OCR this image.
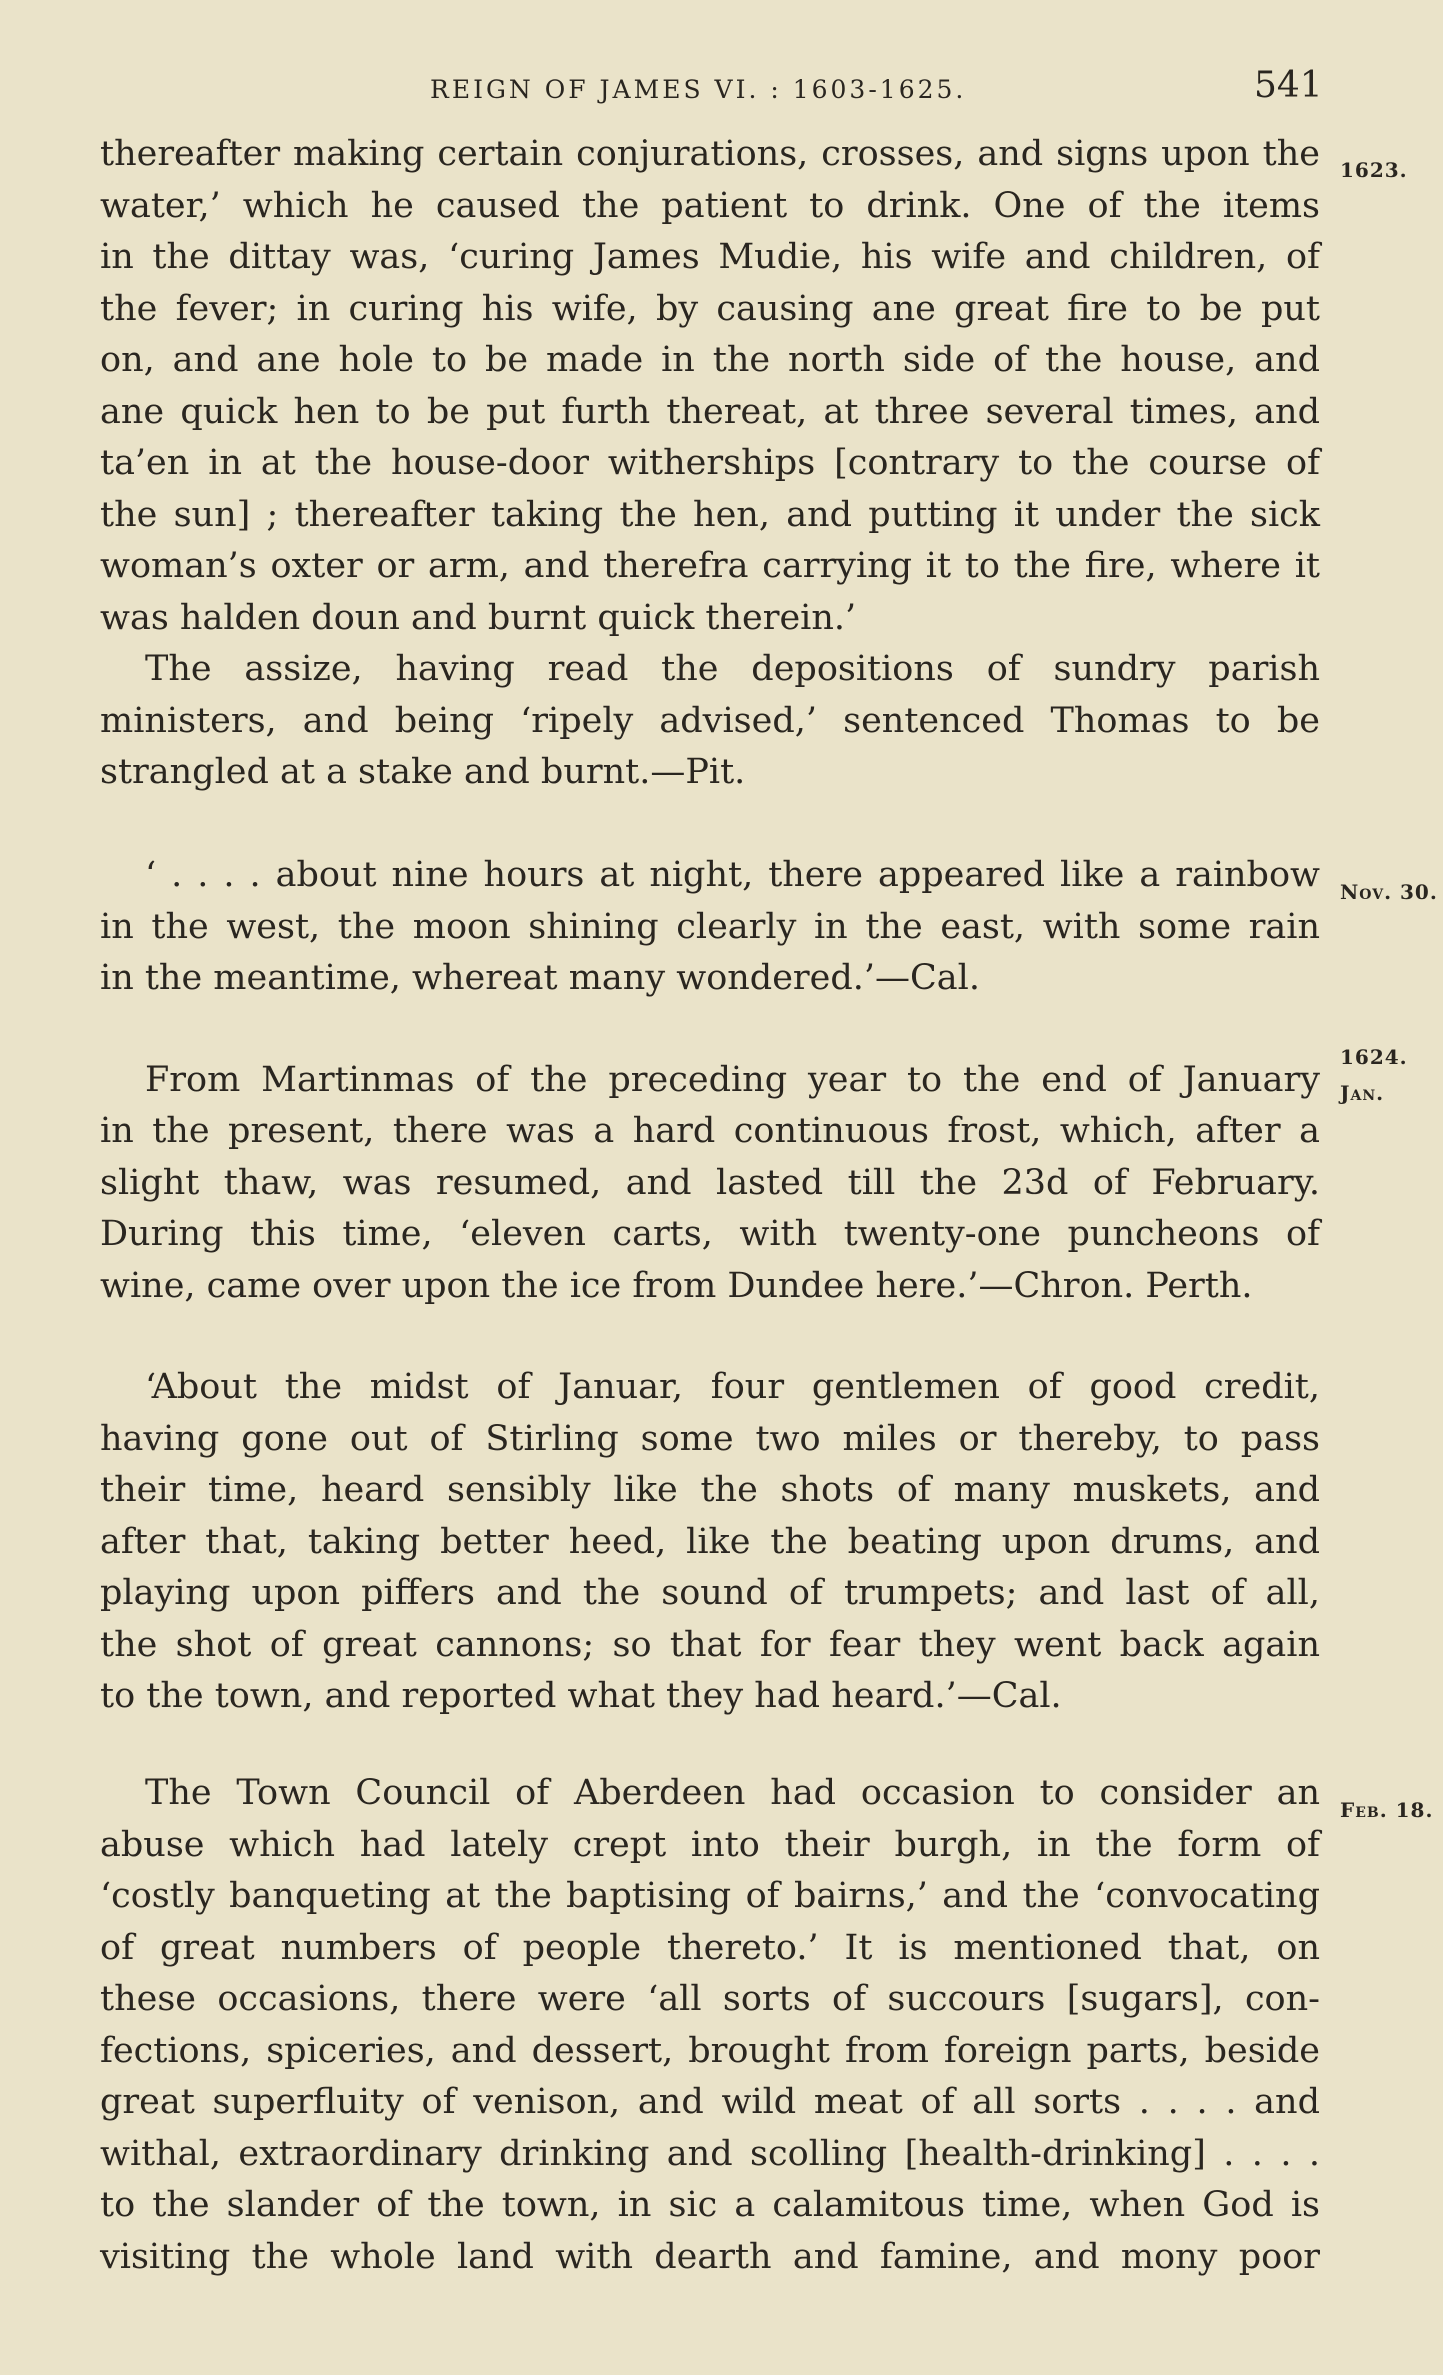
REIGN OF JAMES VI. : 1603-1625.	541
thereafter making certain conjurations, crosses, and signs upon the
water,’ which he caused the patient to drink. One of the items
in the dittay was, ‘curing James Mudie, his wife and children, of
the fever; in curing his wife, by causing ane great fire to be put
on, and ane hole to be made in the north side of the house, and
ane quick hen to be put furth thereat, at three several times, and
ta’en in at the house-door witherships [contrary to the course of
the sun] ; thereafter taking the hen, and putting it under the sick
woman’s oxter or arm, and therefra carrying it to the fire, where it
was halden doun and burnt quick therein.’
The assize, having read the depositions of sundry parish
ministers, and being ‘ripely advised,’ sentenced Thomas to be
strangled at a stake and burnt.—Pit.
‘ . . . . about nine hours at night, there appeared like a rainbow
in the west, the moon shining clearly in the east, with some rain
in the meantime, whereat many wondered.’—Cal.
From Martinmas of the preceding year to the end of January
in the present, there was a hard continuous frost, which, after a
slight thaw, was resumed, and lasted till the 23d of February.
During this time, ‘eleven carts, with twenty-one puncheons of
wine, came over upon the ice from Dundee here.’—Chron. Perth.
‘About the midst of Januar, four gentlemen of good credit,
having gone out of Stirling some two miles or thereby, to pass
their time, heard sensibly like the shots of many muskets, and
after that, taking better heed, like the beating upon drums, and
playing upon piffers and the sound of trumpets; and last of all,
the shot of great cannons; so that for fear they went back again
to the town, and reported what they had heard.’—Cal.
The Town Council of Aberdeen had occasion to consider an
abuse which had lately crept into their burgh, in the form of
‘costly banqueting at the baptising of bairns,’ and the ‘convocating
of great numbers of people thereto.’ It is mentioned that, on
these occasions, there were ‘all sorts of succours [sugars], con-
fections, spiceries, and dessert, brought from foreign parts, beside
great superfluity of venison, and wild meat of all sorts . . . . and
withal, extraordinary drinking and scolling [health-drinking] . . . .
to the slander of the town, in sic a calamitous time, when God is
visiting the whole land with dearth and famine, and mony poor
1623.
Nov. 30.
1624.
Jan.
Feb. 18.
